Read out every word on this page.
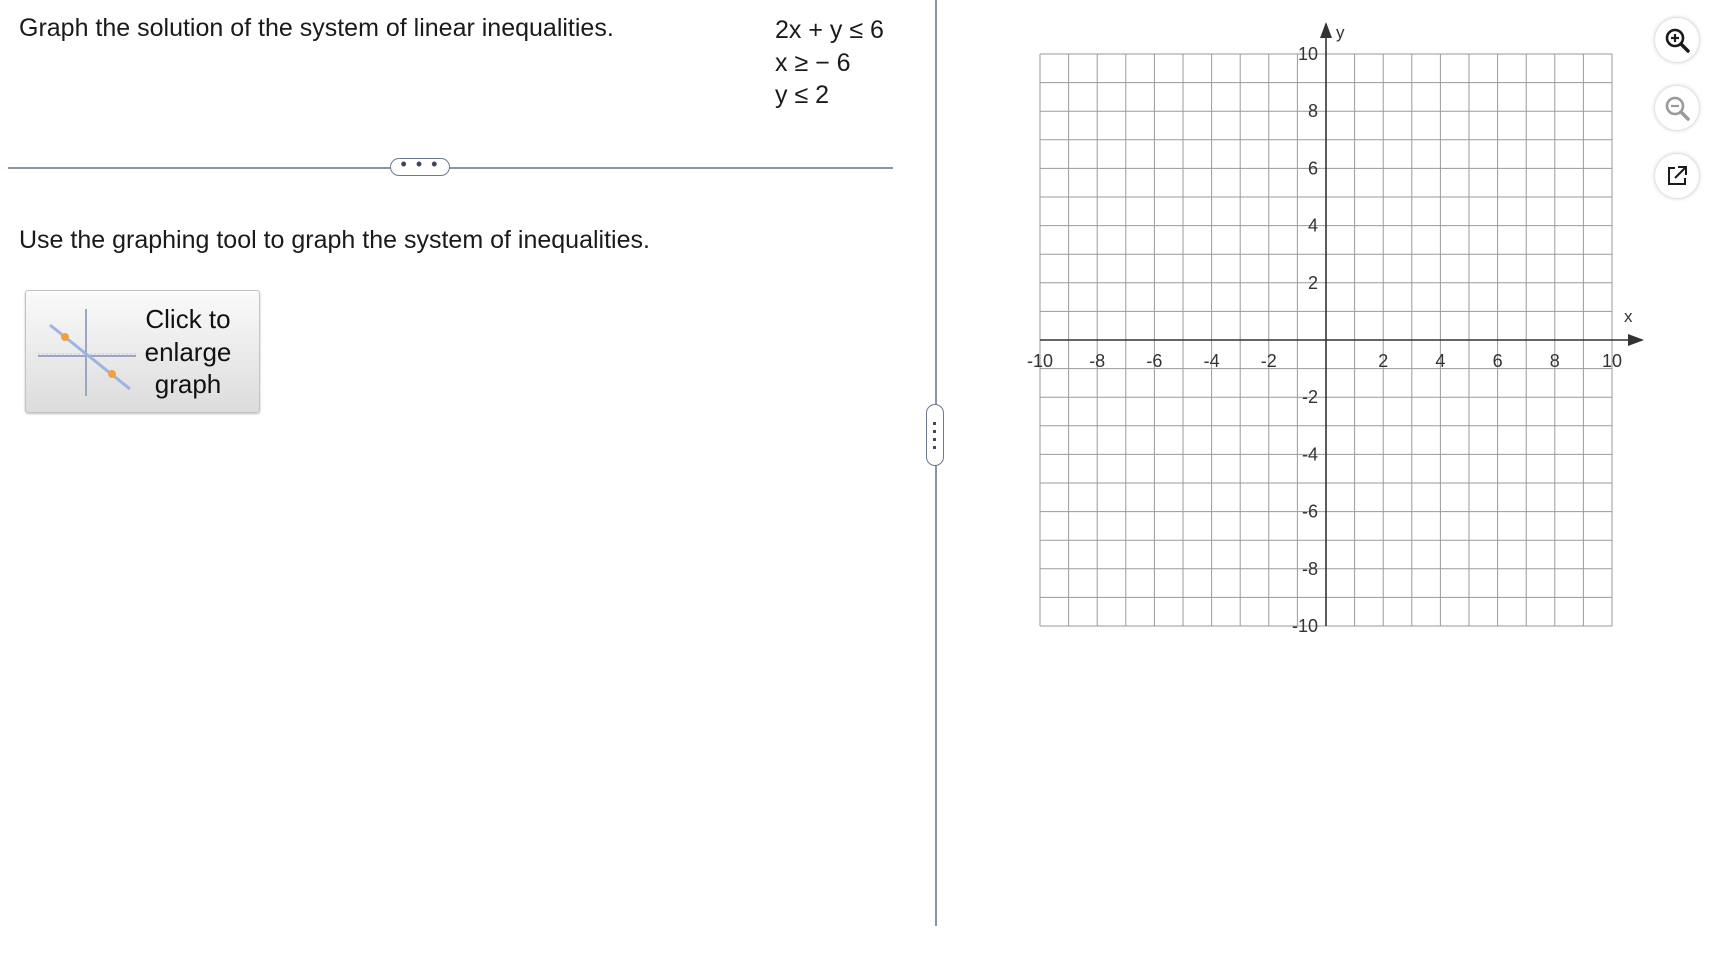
Graph the solution of the system of linear inequalities.	2x + y ≤ 6
x ≥ − 6
y ≤ 2
• • •
Use the graphing tool to graph the system of inequalities.
Click to
enlarge
graph
x
y
-10 -8 -6 -4 -2	2	4	6	8 10
10
8
6
4
2
-2
-4
-6
-8
-10
